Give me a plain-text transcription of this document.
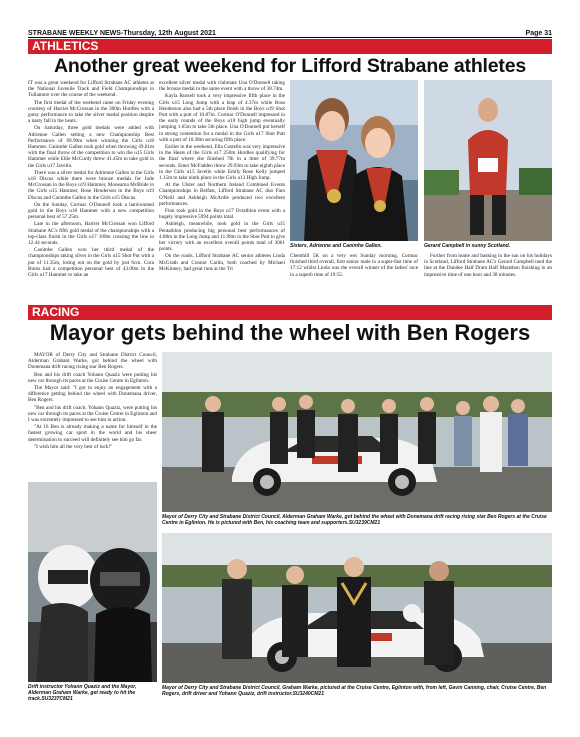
STRABANE WEEKLY NEWS-Thursday, 12th August 2021	Page 31
ATHLETICS
Another great weekend for Lifford Strabane athletes

IT was a great weekend for Lifford Strabane AC athletes at the National Juvenile Track and Field Championships in Tullamore over the course of the weekend.

The first medal of the weekend came on Friday evening courtesy of Harriet McCrossan in the 300m Hurdles with a gutsy performance to take the silver medal position despite a nasty fall in the heats.

On Saturday, three gold medals were added with Adrienne Gallen setting a new Championship Best Performance of 69.90m when winning the Girls u18 Hammer. Caoimhe Gallen took gold when throwing 49.61m with the final throw of the competition to win the u15 Girls Hammer while Ellie McCurdy threw 41.45m to take gold in the Girls u17 Javelin.

There was a silver medal for Adrienne Gallen in the Girls u18 Discus while there were bronze medals for Jude McCrossan in the Boys u19 Hammer, Monearna McBride in the Girls u15 Hammer, Rose Henderson in the Boys u19 Discus and Caoimhe Gallen in the Girls u15 Discus.

On the Sunday, Cormac O'Donnell took a hard-earned gold in the Boys u18 Hammer with a new competition personal best of 57.25m.

Late in the afternoon, Harriet McCrossan won Lifford Strabane AC's fifth gold medal of the championships with a top-class finish in the Girls u17 100m crossing the line in 12.44 seconds.

Caoimhe Gallen won her third medal of the championships taking silver in the Girls u15 Shot Put with a put of 11.35m, losing out on the gold by just 6cm. Cora Burns had a competition personal best of 43.06m in the Girls u17 Hammer to take an

excellent silver medal with clubmate Una O'Donnell taking the bronze medal in the same event with a throw of 38.74m.

Kayla Russell took a very impressive fifth place in the Girls u15 Long Jump with a leap of 4.37m while Ross Henderson also had a 5th place finish in the Boys u19 Shot Putt with a putt of 10.87m. Cormac O'Donnell impressed in the early rounds of the Boys u18 high jump eventually jumping 1.65m to take 5th place. Una O'Donnell put herself in strong contention for a medal in the Girls u17 Shot Putt with a putt of 10.38m securing fifth place.

Earlier in the weekend, Ella Costello was very impressive in the Heats of the Girls u17 250m Hurdles qualifying for the final where she finished 7th in a time of 39.77m seconds. Emer McFadden threw 29.93m to take eighth place in the Girls u15 Javelin while Emily Rose Kelly jumped 1.15m to take ninth place in the Girls u13 High Jump.

At the Ulster and Northern Ireland Combined Events Championships in Belfast, Lifford Strabane AC duo Finn O'Neill and Ashleigh McArdle produced two excellent performances.

Finn took gold in the Boys u17 Octathlon event with a hugely impressive 5994 points total.

Ashleigh, meanwhile, took gold in the Girls u15 Pentathlon producing big personal best performances of 4.88m in the Long Jump and 11.98m in the Shot Putt to give her victory with an excellent overall points total of 3061 points.

On the roads, Lifford Strabane AC senior athletes Linda McGrath and Connor Carlin, both coached by Michael McKinney, had great runs at the Tri

Sisters, Adrienne and Caoimhe Gallen.	Gerard Campbell in sunny Scotland.

Chemhill 5K on a very wet Sunday morning. Cormac finished third overall, first senior male in a super-fast time of 17:12 whilst Linda was the overall winner of the ladies' race in a superb time of 19:55.

Further from home and basking in the sun on his holidays in Scotland, Lifford Strabane AC's Gerard Campbell toed the line at the Dundee Half Dram Half Marathon finishing in an impressive time of one hour and 38 minutes.

RACING
Mayor gets behind the wheel with Ben Rogers

MAYOR of Derry City and Strabane District Council, Alderman Graham Warke, got behind the wheel with Donemana drift racing rising star Ben Rogers.

Ben and his drift coach Yohann Quaziz were putting his new car through its paces at the Cruise Centre in Eglinton.

The Mayor said: "I got to enjoy an engagement with a difference getting behind the wheel with Donemana driver, Ben Rogers.

"Ben and his drift coach, Yohann Quaziz, were putting his new car through its paces at the Cruise Centre in Eglinton and I was extremely impressed to see him in action.

"At 16 Ben is already making a name for himself in the fastest growing car sport in the world and his sheer determination to succeed will definitely see him go far.

"I wish him all the very best of luck!"

Mayor of Derry City and Strabane District Council, Alderman Graham Warke, got behind the wheel with Donemana drift racing rising star Ben Rogers at the Cruise Centre in Eglinton. He is pictured with Ben, his coaching team and supporters.SU3239CM21
Drift instructor Yohann Quaziz and the Mayor, Alderman Graham Warke, get ready to hit the track.SU3237CM21
Mayor of Derry City and Strabane District Council, Graham Warke, pictured at the Cruise Centre, Eglinton with, from left, Gavin Canning, chair, Cruise Centre, Ben Rogers, drift driver and Yohann Quaziz, drift instructor.SU3240CM21
